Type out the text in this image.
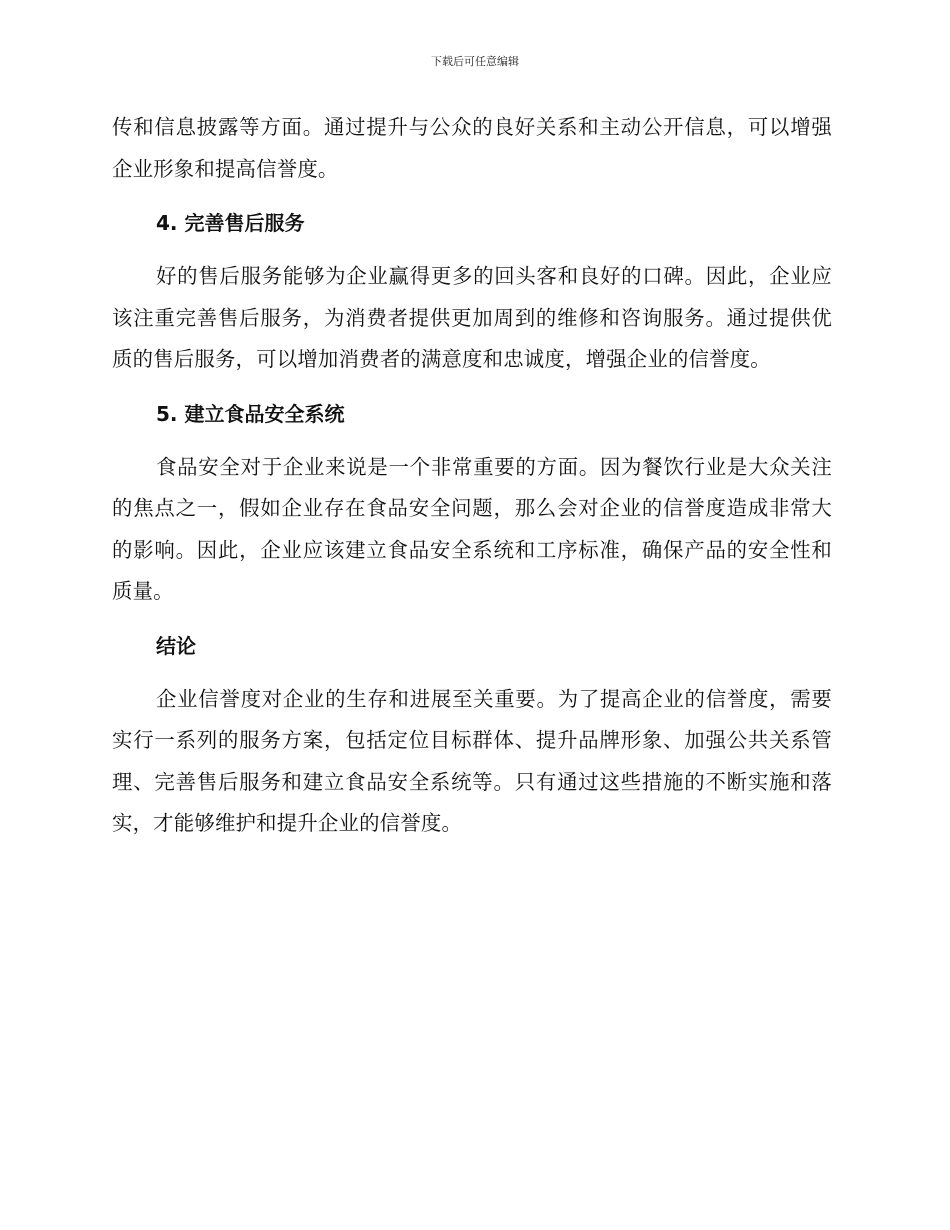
下载后可任意编辑

传和信息披露等方面。通过提升与公众的良好关系和主动公开信息，可以增强企业形象和提高信誉度。

4. 完善售后服务

好的售后服务能够为企业赢得更多的回头客和良好的口碑。因此，企业应该注重完善售后服务，为消费者提供更加周到的维修和咨询服务。通过提供优质的售后服务，可以增加消费者的满意度和忠诚度，增强企业的信誉度。

5. 建立食品安全系统

食品安全对于企业来说是一个非常重要的方面。因为餐饮行业是大众关注的焦点之一，假如企业存在食品安全问题，那么会对企业的信誉度造成非常大的影响。因此，企业应该建立食品安全系统和工序标准，确保产品的安全性和质量。

结论

企业信誉度对企业的生存和进展至关重要。为了提高企业的信誉度，需要实行一系列的服务方案，包括定位目标群体、提升品牌形象、加强公共关系管理、完善售后服务和建立食品安全系统等。只有通过这些措施的不断实施和落实，才能够维护和提升企业的信誉度。
